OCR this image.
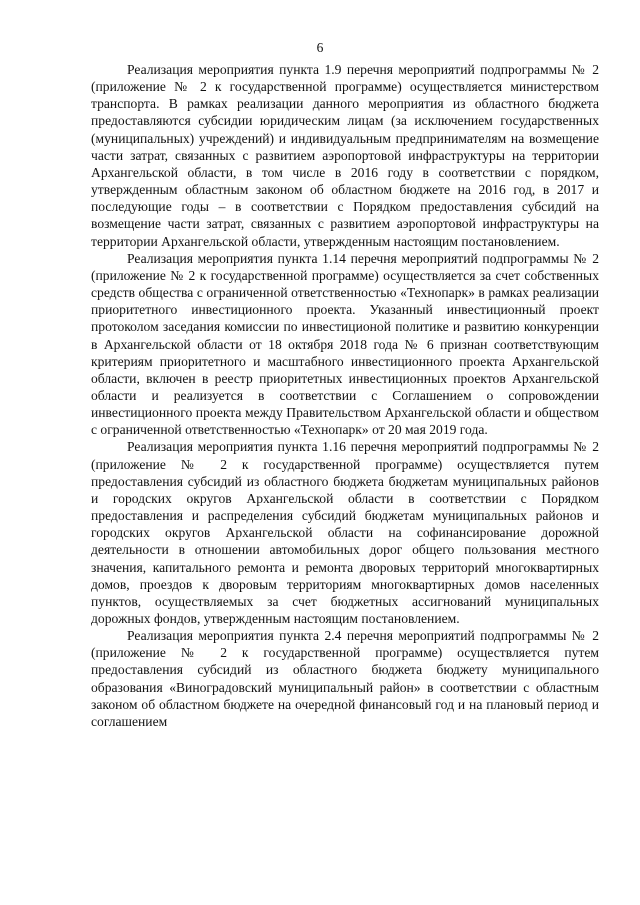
6

Реализация мероприятия пункта 1.9 перечня мероприятий подпрограммы № 2 (приложение № 2 к государственной программе) осуществляется министерством транспорта. В рамках реализации данного мероприятия из областного бюджета предоставляются субсидии юридическим лицам (за исключением государственных (муниципальных) учреждений) и индивидуальным предпринимателям на возмещение части затрат, связанных с развитием аэропортовой инфраструктуры на территории Архангельской области, в том числе в 2016 году в соответствии с порядком, утвержденным областным законом об областном бюджете на 2016 год, в 2017 и последующие годы – в соответствии с Порядком предоставления субсидий на возмещение части затрат, связанных с развитием аэропортовой инфраструктуры на территории Архангельской области, утвержденным настоящим постановлением.

Реализация мероприятия пункта 1.14 перечня мероприятий подпрограммы № 2 (приложение № 2 к государственной программе) осуществляется за счет собственных средств общества с ограниченной ответственностью «Технопарк» в рамках реализации приоритетного инвестиционного проекта. Указанный инвестиционный проект протоколом заседания комиссии по инвестиционой политике и развитию конкуренции в Архангельской области от 18 октября 2018 года № 6 признан соответствующим критериям приоритетного и масштабного инвестиционного проекта Архангельской области, включен в реестр приоритетных инвестиционных проектов Архангельской области и реализуется в соответствии с Соглашением о сопровождении инвестиционного проекта между Правительством Архангельской области и обществом с ограниченной ответственностью «Технопарк» от 20 мая 2019 года.

Реализация мероприятия пункта 1.16 перечня мероприятий подпрограммы № 2 (приложение № 2 к государственной программе) осуществляется путем предоставления субсидий из областного бюджета бюджетам муниципальных районов и городских округов Архангельской области в соответствии с Порядком предоставления и распределения субсидий бюджетам муниципальных районов и городских округов Архангельской области на софинансирование дорожной деятельности в отношении автомобильных дорог общего пользования местного значения, капитального ремонта и ремонта дворовых территорий многоквартирных домов, проездов к дворовым территориям многоквартирных домов населенных пунктов, осуществляемых за счет бюджетных ассигнований муниципальных дорожных фондов, утвержденным настоящим постановлением.

Реализация мероприятия пункта 2.4 перечня мероприятий подпрограммы № 2 (приложение № 2 к государственной программе) осуществляется путем предоставления субсидий из областного бюджета бюджету муниципального образования «Виноградовский муниципальный район» в соответствии с областным законом об областном бюджете на очередной финансовый год и на плановый период и соглашением
